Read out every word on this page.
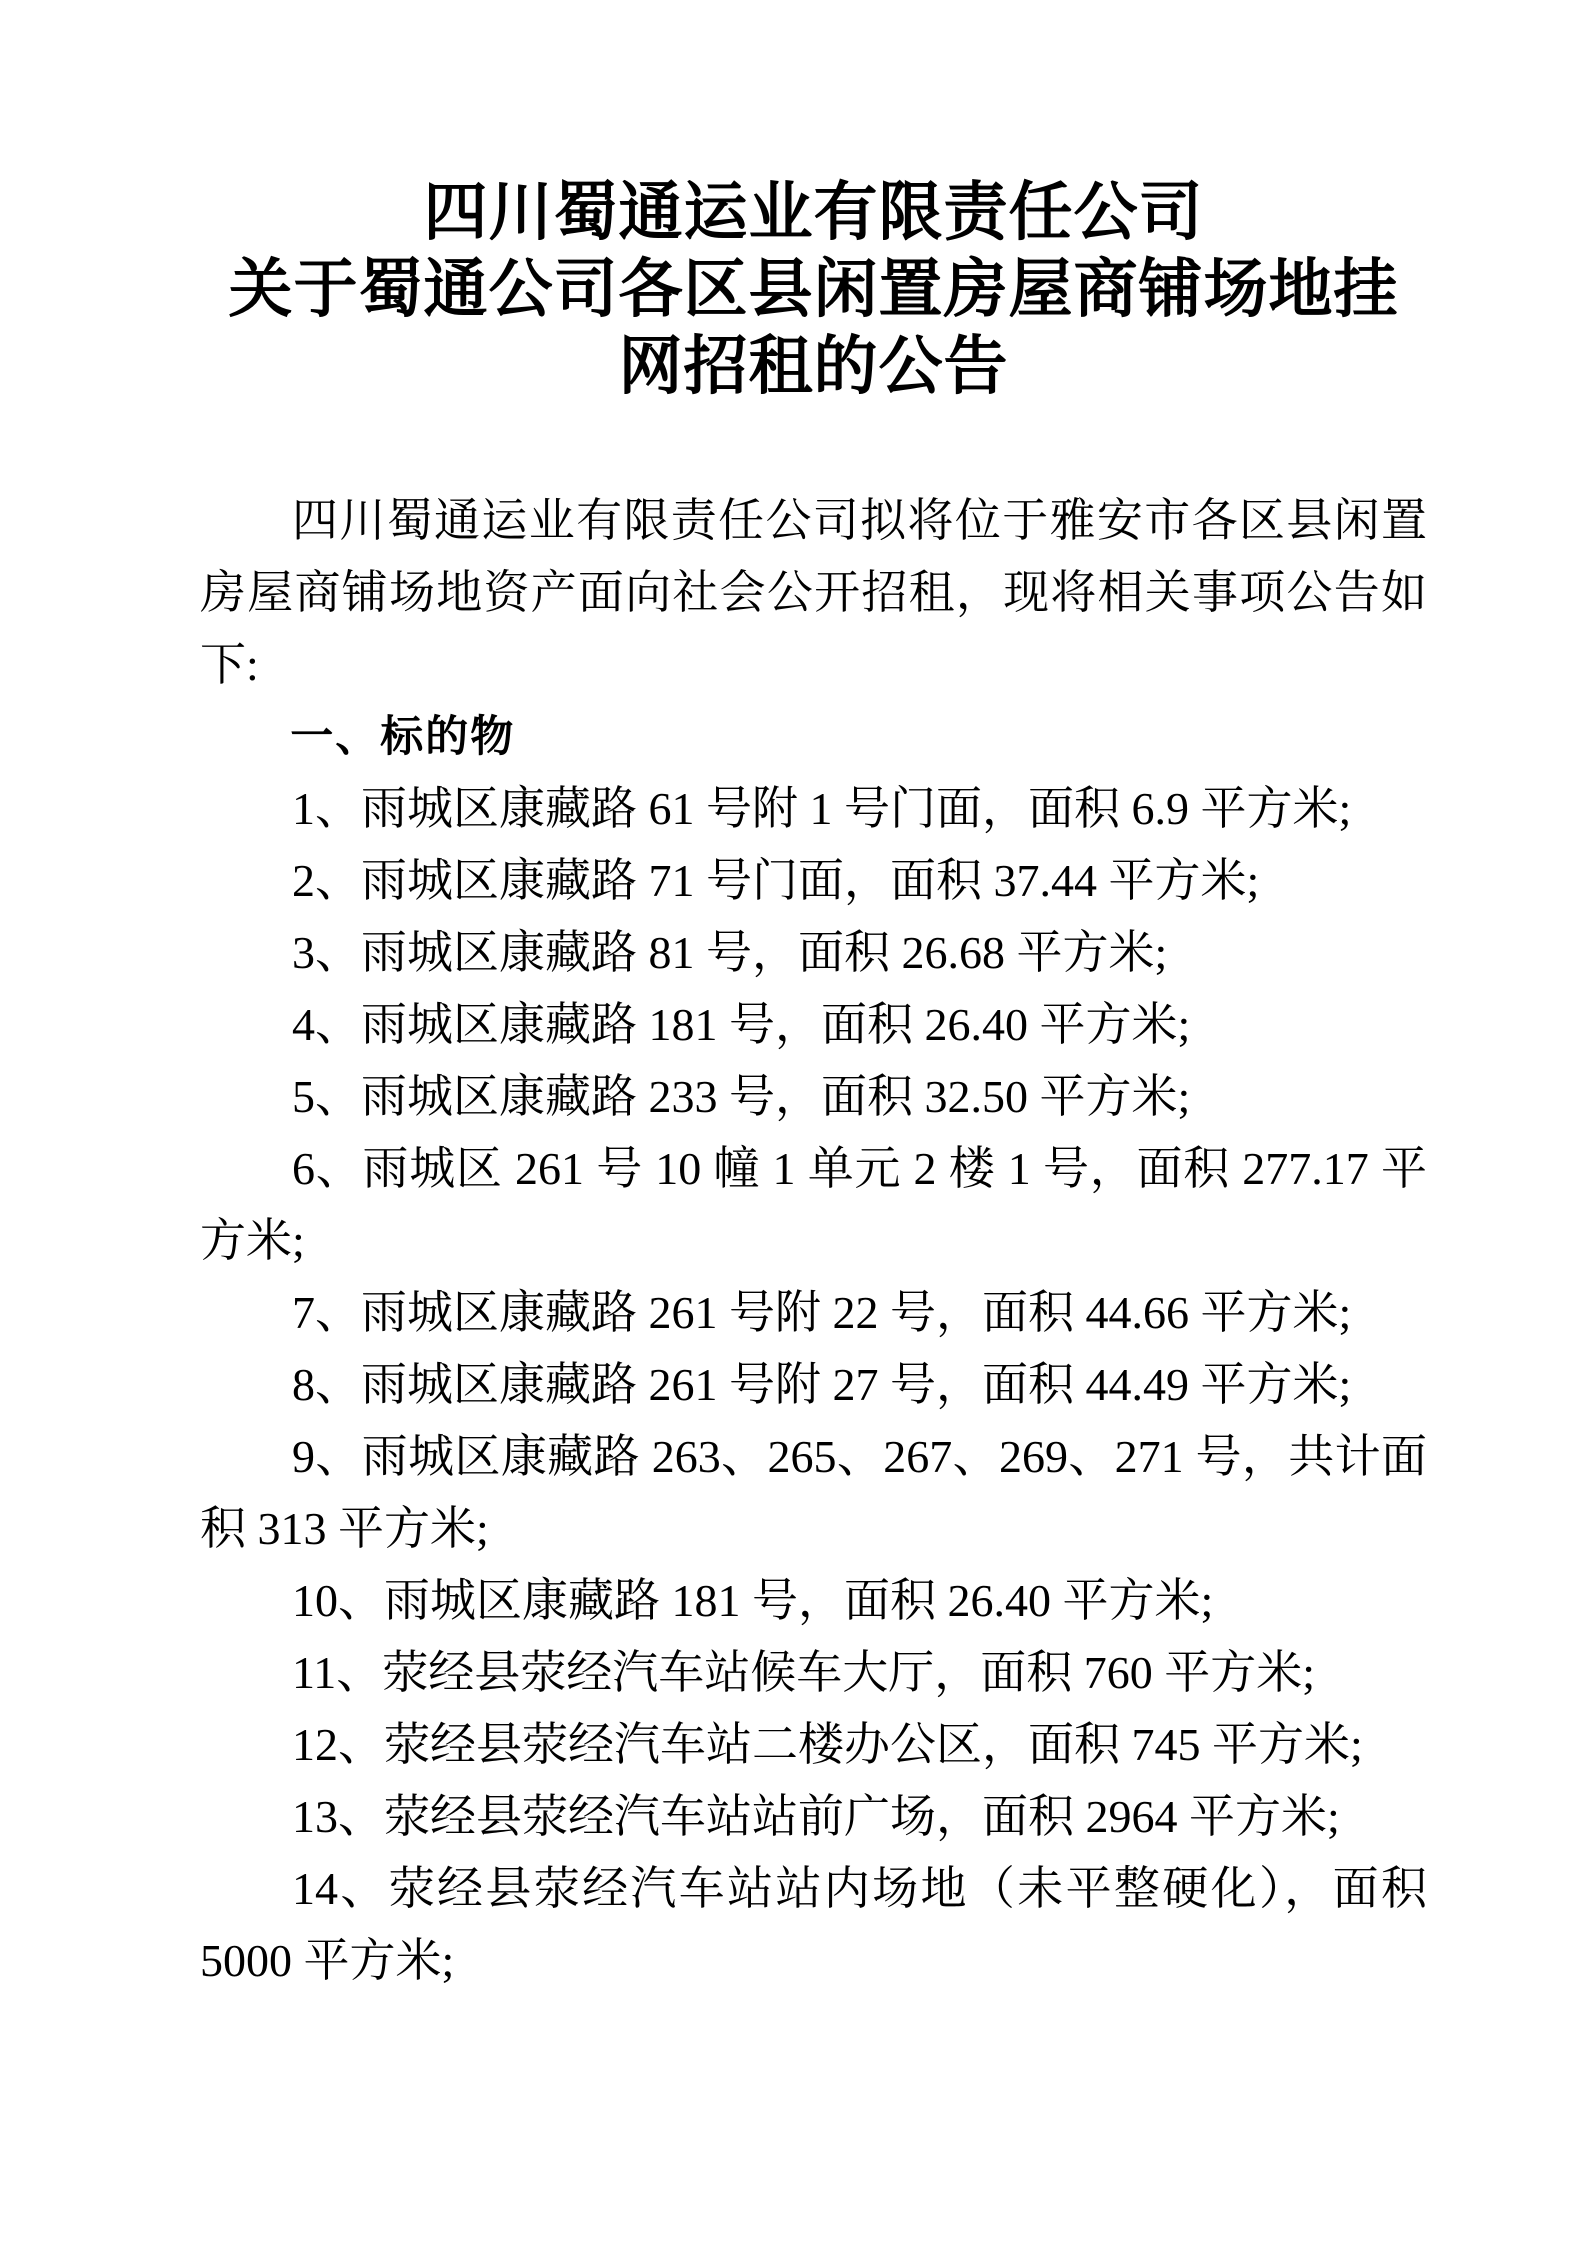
四川蜀通运业有限责任公司
关于蜀通公司各区县闲置房屋商铺场地挂
网招租的公告

四川蜀通运业有限责任公司拟将位于雅安市各区县闲置房屋商铺场地资产面向社会公开招租，现将相关事项公告如下:

一、标的物

1、雨城区康藏路 61 号附 1 号门面，面积 6.9 平方米;

2、雨城区康藏路 71 号门面，面积 37.44 平方米;

3、雨城区康藏路 81 号，面积 26.68 平方米;

4、雨城区康藏路 181 号，面积 26.40 平方米;

5、雨城区康藏路 233 号，面积 32.50 平方米;

6、雨城区 261 号 10 幢 1 单元 2 楼 1 号，面积 277.17 平方米;

7、雨城区康藏路 261 号附 22 号，面积 44.66 平方米;

8、雨城区康藏路 261 号附 27 号，面积 44.49 平方米;

9、雨城区康藏路 263、265、267、269、271 号，共计面积 313 平方米;

10、雨城区康藏路 181 号，面积 26.40 平方米;

11、荥经县荥经汽车站候车大厅，面积 760 平方米;

12、荥经县荥经汽车站二楼办公区，面积 745 平方米;

13、荥经县荥经汽车站站前广场，面积 2964 平方米;

14、荥经县荥经汽车站站内场地（未平整硬化），面积 5000 平方米;
